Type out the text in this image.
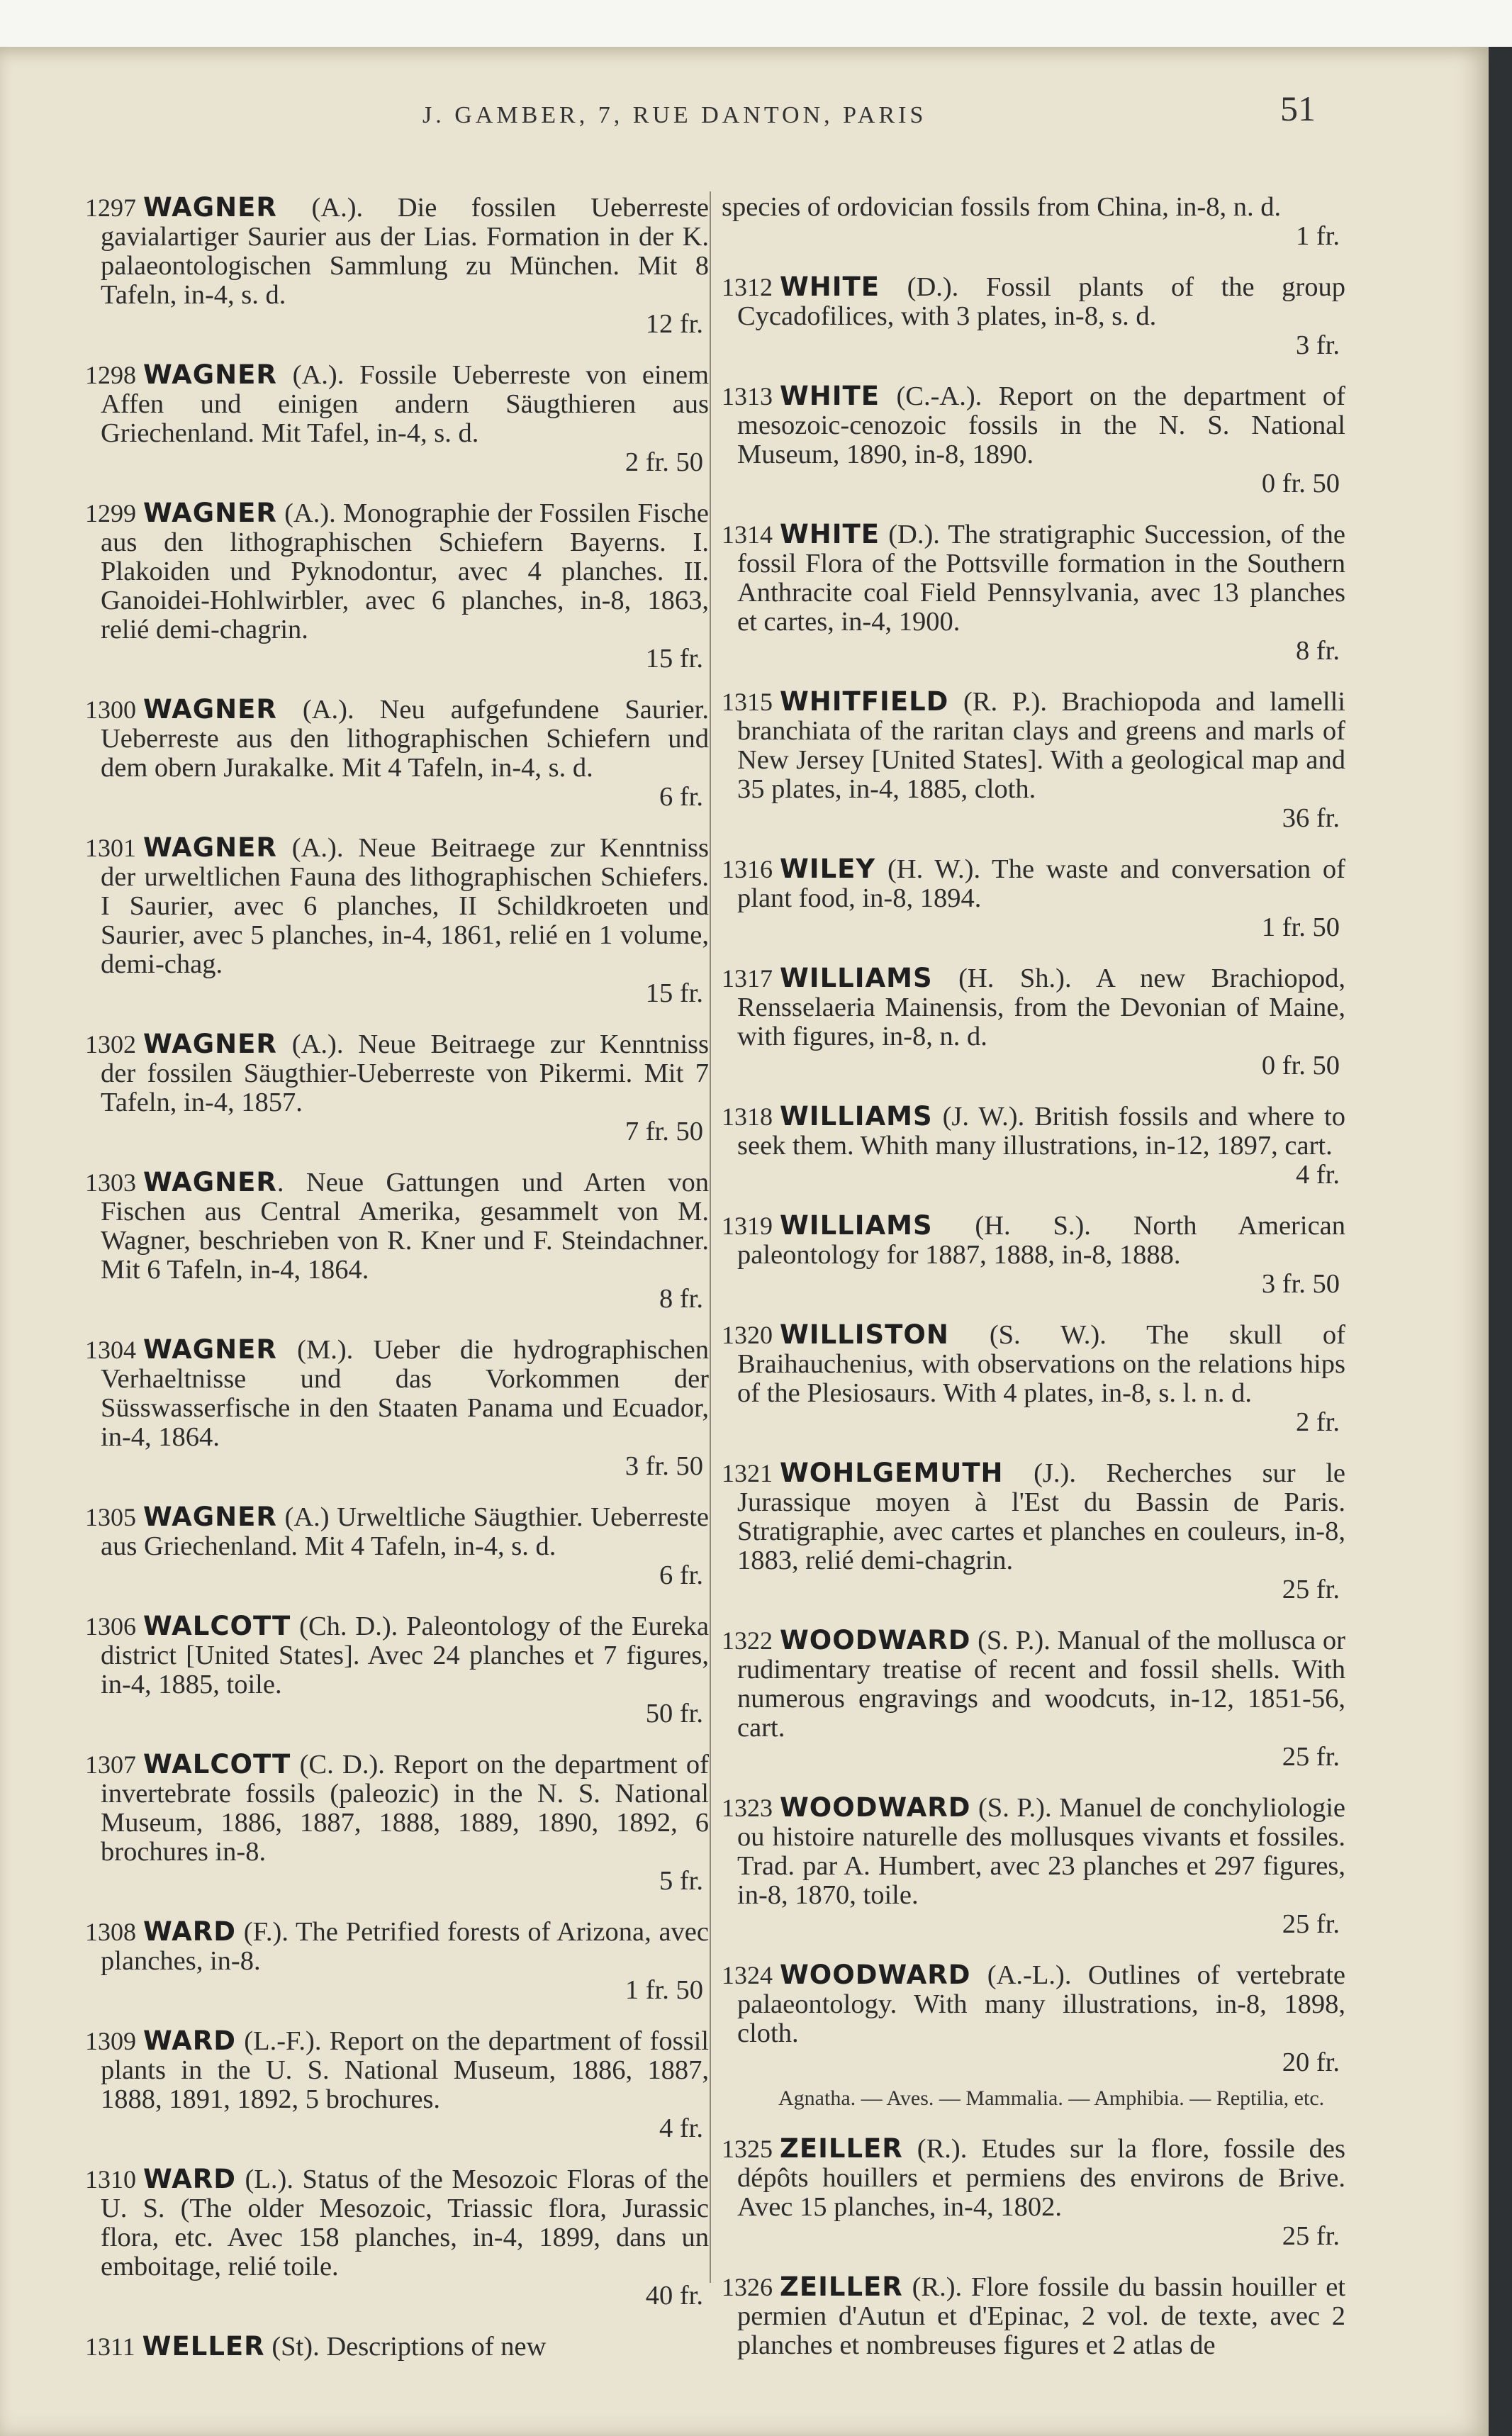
J. GAMBER, 7, RUE DANTON, PARIS	51
1297 WAGNER (A.). Die fossilen Ueberreste gavialartiger Saurier aus der Lias. Formation in der K. palaeontologischen Sammlung zu München. Mit 8 Tafeln, in-4, s. d.
12 fr.
1298 WAGNER (A.). Fossile Ueberreste von einem Affen und einigen andern Säugthieren aus Griechenland. Mit Tafel, in-4, s. d.
2 fr. 50
1299 WAGNER (A.). Monographie der Fossilen Fische aus den lithographischen Schiefern Bayerns. I. Plakoiden und Pyknodontur, avec 4 planches. II. Ganoidei-Hohlwirbler, avec 6 planches, in-8, 1863, relié demi-chagrin.
15 fr.
1300 WAGNER (A.). Neu aufgefundene Saurier. Ueberreste aus den lithographischen Schiefern und dem obern Jurakalke. Mit 4 Tafeln, in-4, s. d.
6 fr.
1301 WAGNER (A.). Neue Beitraege zur Kenntniss der urweltlichen Fauna des lithographischen Schiefers. I Saurier, avec 6 planches, II Schildkroeten und Saurier, avec 5 planches, in-4, 1861, relié en 1 volume, demi-chag.
15 fr.
1302 WAGNER (A.). Neue Beitraege zur Kenntniss der fossilen Säugthier-Ueberreste von Pikermi. Mit 7 Tafeln, in-4, 1857.
7 fr. 50
1303 WAGNER. Neue Gattungen und Arten von Fischen aus Central Amerika, gesammelt von M. Wagner, beschrieben von R. Kner und F. Steindachner. Mit 6 Tafeln, in-4, 1864.
8 fr.
1304 WAGNER (M.). Ueber die hydrographischen Verhaeltnisse und das Vorkommen der Süsswasserfische in den Staaten Panama und Ecuador, in-4, 1864.
3 fr. 50
1305 WAGNER (A.) Urweltliche Säugthier. Ueberreste aus Griechenland. Mit 4 Tafeln, in-4, s. d.
6 fr.
1306 WALCOTT (Ch. D.). Paleontology of the Eureka district [United States]. Avec 24 planches et 7 figures, in-4, 1885, toile.
50 fr.
1307 WALCOTT (C. D.). Report on the department of invertebrate fossils (paleozic) in the N. S. National Museum, 1886, 1887, 1888, 1889, 1890, 1892, 6 brochures in-8.
5 fr.
1308 WARD (F.). The Petrified forests of Arizona, avec planches, in-8.
1 fr. 50
1309 WARD (L.-F.). Report on the department of fossil plants in the U. S. National Museum, 1886, 1887, 1888, 1891, 1892, 5 brochures.
4 fr.
1310 WARD (L.). Status of the Mesozoic Floras of the U. S. (The older Mesozoic, Triassic flora, Jurassic flora, etc. Avec 158 planches, in-4, 1899, dans un emboitage, relié toile.
40 fr.
1311 WELLER (St). Descriptions of new
species of ordovician fossils from China, in-8, n. d.
1 fr.
1312 WHITE (D.). Fossil plants of the group Cycadofilices, with 3 plates, in-8, s. d.
3 fr.
1313 WHITE (C.-A.). Report on the department of mesozoic-cenozoic fossils in the N. S. National Museum, 1890, in-8, 1890.
0 fr. 50
1314 WHITE (D.). The stratigraphic Succession, of the fossil Flora of the Pottsville formation in the Southern Anthracite coal Field Pennsylvania, avec 13 planches et cartes, in-4, 1900.
8 fr.
1315 WHITFIELD (R. P.). Brachiopoda and lamelli branchiata of the raritan clays and greens and marls of New Jersey [United States]. With a geological map and 35 plates, in-4, 1885, cloth.
36 fr.
1316 WILEY (H. W.). The waste and conversation of plant food, in-8, 1894.
1 fr. 50
1317 WILLIAMS (H. Sh.). A new Brachiopod, Rensselaeria Mainensis, from the Devonian of Maine, with figures, in-8, n. d.
0 fr. 50
1318 WILLIAMS (J. W.). British fossils and where to seek them. Whith many illustrations, in-12, 1897, cart.
4 fr.
1319 WILLIAMS (H. S.). North American paleontology for 1887, 1888, in-8, 1888.
3 fr. 50
1320 WILLISTON (S. W.). The skull of Braihauchenius, with observations on the relations hips of the Plesiosaurs. With 4 plates, in-8, s. l. n. d.
2 fr.
1321 WOHLGEMUTH (J.). Recherches sur le Jurassique moyen à l'Est du Bassin de Paris. Stratigraphie, avec cartes et planches en couleurs, in-8, 1883, relié demi-chagrin.
25 fr.
1322 WOODWARD (S. P.). Manual of the mollusca or rudimentary treatise of recent and fossil shells. With numerous engravings and woodcuts, in-12, 1851-56, cart.
25 fr.
1323 WOODWARD (S. P.). Manuel de conchyliologie ou histoire naturelle des mollusques vivants et fossiles. Trad. par A. Humbert, avec 23 planches et 297 figures, in-8, 1870, toile.
25 fr.
1324 WOODWARD (A.-L.). Outlines of vertebrate palaeontology. With many illustrations, in-8, 1898, cloth.
20 fr.
Agnatha. — Aves. — Mammalia. — Amphibia. — Reptilia, etc.
1325 ZEILLER (R.). Etudes sur la flore, fossile des dépôts houillers et permiens des environs de Brive. Avec 15 planches, in-4, 1802.
25 fr.
1326 ZEILLER (R.). Flore fossile du bassin houiller et permien d'Autun et d'Epinac, 2 vol. de texte, avec 2 planches et nombreuses figures et 2 atlas de
